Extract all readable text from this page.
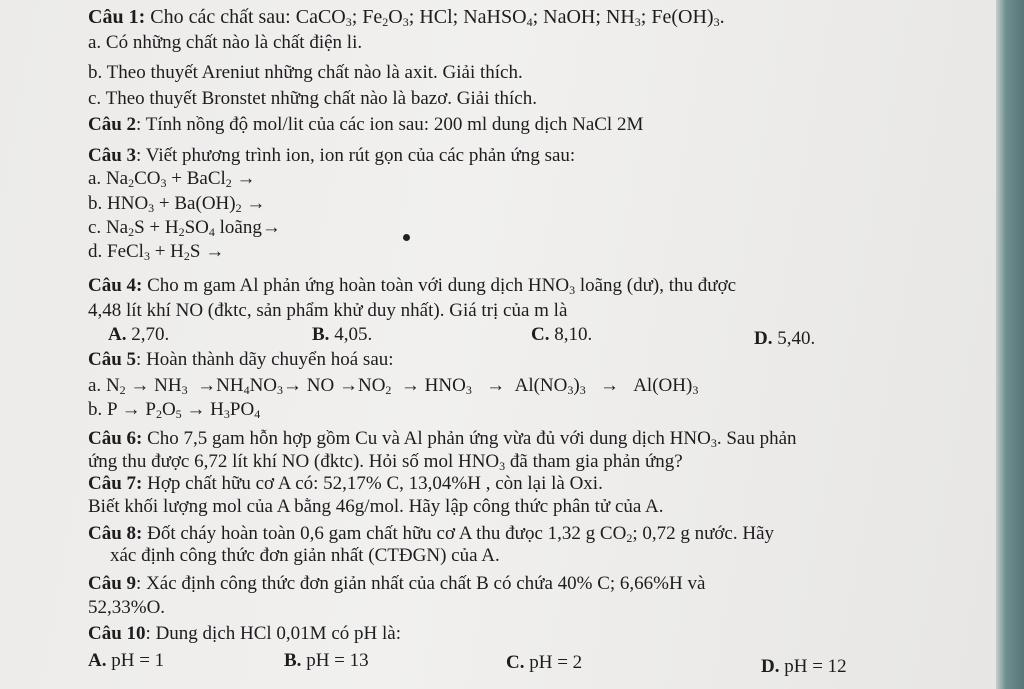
Câu 1: Cho các chất sau: CaCO$_3$; $Fe_2O_3$; HCl; NaHSO$_4$; NaOH; $NH_3$; $Fe(OH)_3$.
a. Có những chất nào là chất điện li.
b. Theo thuyết Areniut những chất nào là axit. Giải thích.
c. Theo thuyết Bronstet những chất nào là bazơ. Giải thích.
Câu 2: Tính nồng độ mol/lit của các ion sau: 200 ml dung dịch NaCl 2M
Câu 3: Viết phương trình ion, ion rút gọn của các phản ứng sau:
a. $Na_2CO_3$ + BaCl$_2$ →
b. $HNO_3 + Ba(OH)_2$ →
c. $Na_2S + H_2SO_4$ loãng→
d. FeCl$_3$ + $H_2S$ →
Câu 4: Cho m gam Al phản ứng hoàn toàn với dung dịch $HNO_3$ loãng (dư), thu được
4,48 lít khí NO (đktc, sản phẩm khử duy nhất). Giá trị của m là
A. 2,70.	B. 4,05.	C. 8,10.	D. 5,40.
Câu 5: Hoàn thành dãy chuyển hoá sau:
a. $N_2 \to NH_3 \to NH_4NO_3\to$ NO $\to NO_2 \to HNO_3 \to Al(NO_3)_3 \to Al(OH)_3$
b. $P \to P_2O_5 \to H_3PO_4$
Câu 6: Cho 7,5 gam hỗn hợp gồm Cu và Al phản ứng vừa đủ với dung dịch $HNO_3$. Sau phản
ứng thu được 6,72 lít khí NO (đktc). Hỏi số mol $HNO_3$ đã tham gia phản ứng?
Câu 7: Hợp chất hữu cơ A có: 52,17% C, 13,04%H , còn lại là Oxi.
Biết khối lượng mol của A bằng 46g/mol. Hãy lập công thức phân tử của A.
Câu 8: Đốt cháy hoàn toàn 0,6 gam chất hữu cơ A thu đưọc 1,32 g $CO_2$; 0,72 g nước. Hãy
xác định công thức đơn giản nhất (CTĐGN) của A.
Câu 9: Xác định công thức đơn giản nhất của chất B có chứa 40% C; 6,66%H và
52,33%O.
Câu 10: Dung dịch HCl 0,01M có pH là:
A. pH = 1	B. pH = 13	C. pH = 2	D. pH = 12
